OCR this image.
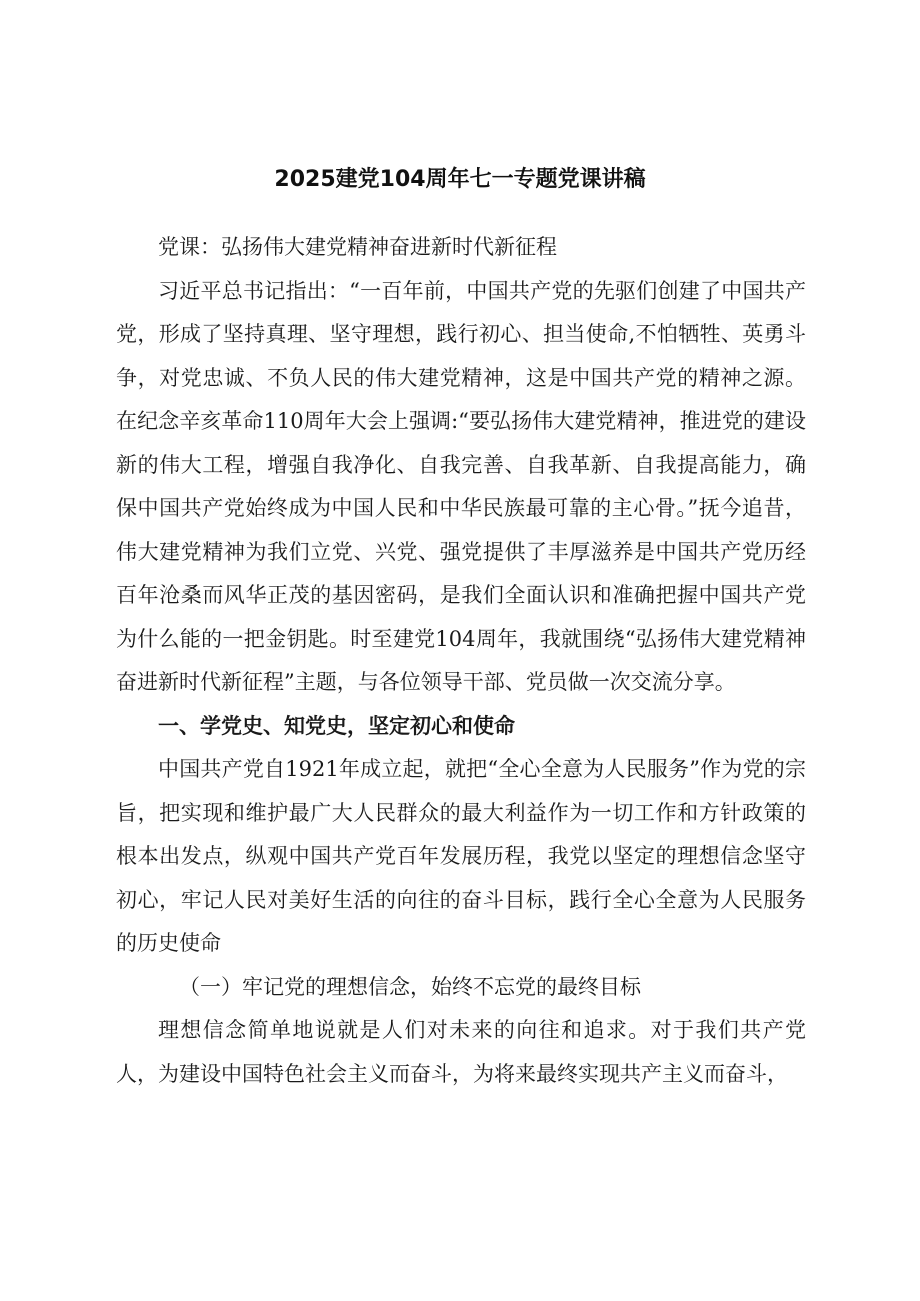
2025建党104周年七一专题党课讲稿

党课：弘扬伟大建党精神奋进新时代新征程

习近平总书记指出：“一百年前，中国共产党的先驱们创建了中国共产党，形成了坚持真理、坚守理想，践行初心、担当使命,不怕牺牲、英勇斗争，对党忠诚、不负人民的伟大建党精神，这是中国共产党的精神之源。在纪念辛亥革命110周年大会上强调:“要弘扬伟大建党精神，推进党的建设新的伟大工程，增强自我净化、自我完善、自我革新、自我提高能力，确保中国共产党始终成为中国人民和中华民族最可靠的主心骨。”抚今追昔，伟大建党精神为我们立党、兴党、强党提供了丰厚滋养是中国共产党历经百年沧桑而风华正茂的基因密码，是我们全面认识和准确把握中国共产党为什么能的一把金钥匙。时至建党104周年，我就围绕“弘扬伟大建党精神奋进新时代新征程”主题，与各位领导干部、党员做一次交流分享。

一、学党史、知党史，坚定初心和使命

中国共产党自1921年成立起，就把“全心全意为人民服务”作为党的宗旨，把实现和维护最广大人民群众的最大利益作为一切工作和方针政策的根本出发点，纵观中国共产党百年发展历程，我党以坚定的理想信念坚守初心，牢记人民对美好生活的向往的奋斗目标，践行全心全意为人民服务的历史使命

（一）牢记党的理想信念，始终不忘党的最终目标

理想信念简单地说就是人们对未来的向往和追求。对于我们共产党人，为建设中国特色社会主义而奋斗，为将来最终实现共产主义而奋斗，
